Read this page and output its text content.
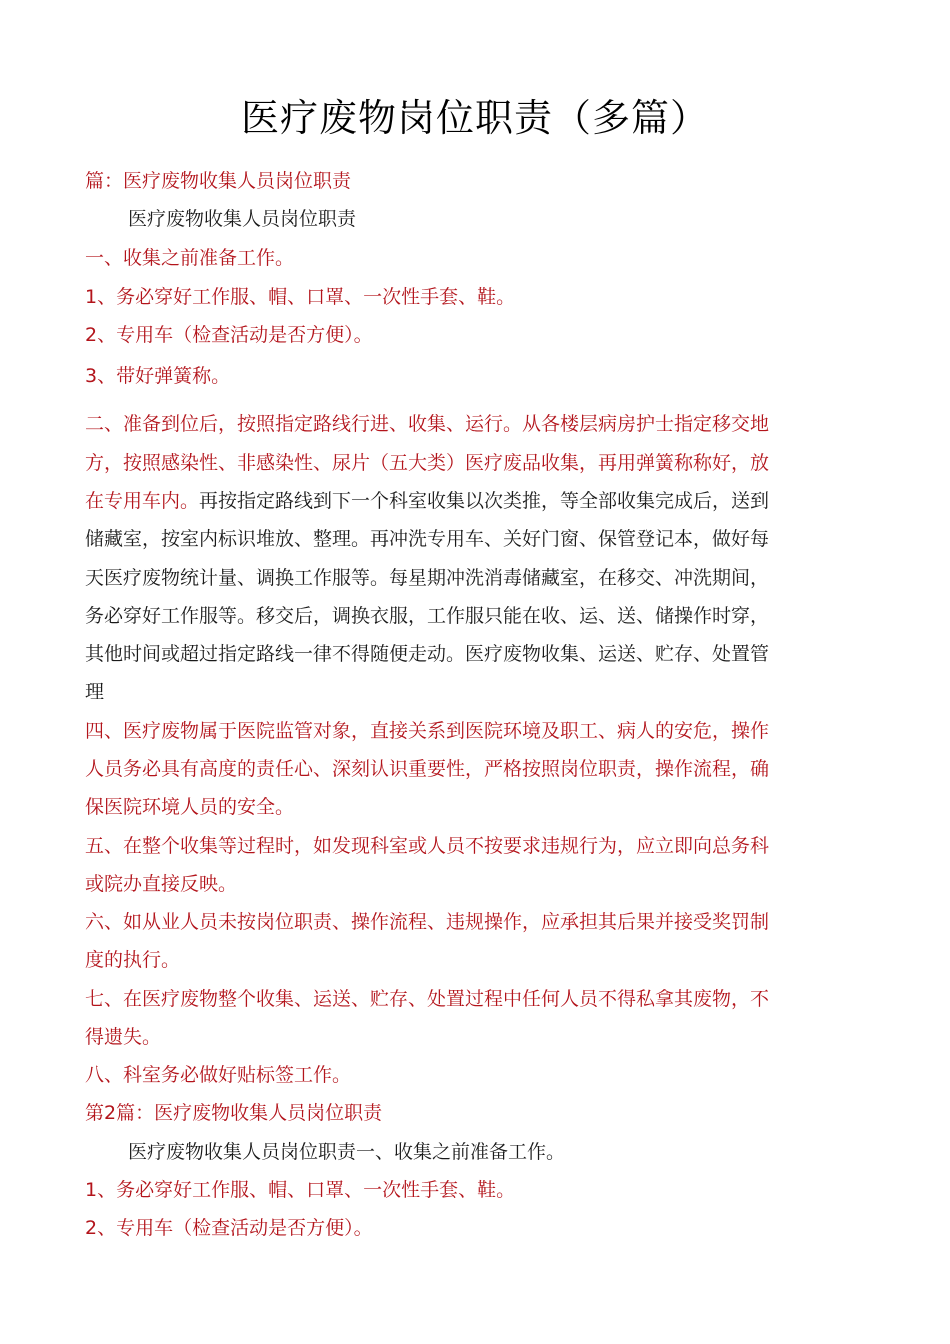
医疗废物岗位职责（多篇）
篇：医疗废物收集人员岗位职责
医疗废物收集人员岗位职责
一、收集之前准备工作。
1、务必穿好工作服、帽、口罩、一次性手套、鞋。
2、专用车（检查活动是否方便）。
3、带好弹簧称。
二、准备到位后，按照指定路线行进、收集、运行。从各楼层病房护士指定移交地
方，按照感染性、非感染性、尿片（五大类）医疗废品收集，再用弹簧称称好，放
在专用车内。再按指定路线到下一个科室收集以次类推，等全部收集完成后，送到
储藏室，按室内标识堆放、整理。再冲洗专用车、关好门窗、保管登记本，做好每
天医疗废物统计量、调换工作服等。每星期冲洗消毒储藏室，在移交、冲洗期间，
务必穿好工作服等。移交后，调换衣服，工作服只能在收、运、送、储操作时穿，
其他时间或超过指定路线一律不得随便走动。医疗废物收集、运送、贮存、处置管
理
四、医疗废物属于医院监管对象，直接关系到医院环境及职工、病人的安危，操作
人员务必具有高度的责任心、深刻认识重要性，严格按照岗位职责，操作流程，确
保医院环境人员的安全。
五、在整个收集等过程时，如发现科室或人员不按要求违规行为，应立即向总务科
或院办直接反映。
六、如从业人员未按岗位职责、操作流程、违规操作，应承担其后果并接受奖罚制
度的执行。
七、在医疗废物整个收集、运送、贮存、处置过程中任何人员不得私拿其废物，不
得遗失。
八、科室务必做好贴标签工作。
第2篇：医疗废物收集人员岗位职责
医疗废物收集人员岗位职责一、收集之前准备工作。
1、务必穿好工作服、帽、口罩、一次性手套、鞋。
2、专用车（检查活动是否方便）。
